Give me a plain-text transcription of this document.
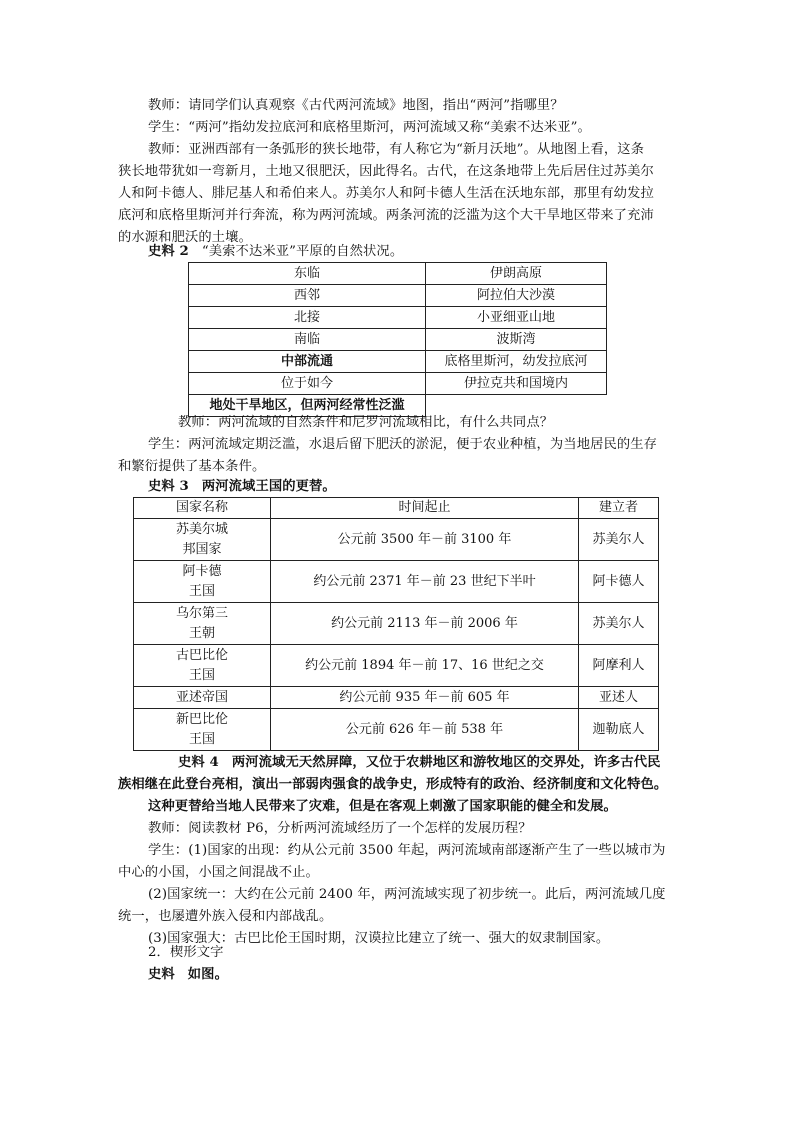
教师：请同学们认真观察《古代两河流域》地图，指出“两河”指哪里？
学生：“两河”指幼发拉底河和底格里斯河，两河流域又称“美索不达米亚”。
教师：亚洲西部有一条弧形的狭长地带，有人称它为“新月沃地”。从地图上看，这条
狭长地带犹如一弯新月，土地又很肥沃，因此得名。古代，在这条地带上先后居住过苏美尔
人和阿卡德人、腓尼基人和希伯来人。苏美尔人和阿卡德人生活在沃地东部，那里有幼发拉
底河和底格里斯河并行奔流，称为两河流域。两条河流的泛滥为这个大干旱地区带来了充沛
的水源和肥沃的土壤。
史料 2 “美索不达米亚”平原的自然状况。
东临	伊朗高原
西邻	阿拉伯大沙漠
北接	小亚细亚山地
南临	波斯湾
中部流通	底格里斯河，幼发拉底河
位于如今	伊拉克共和国境内
地处干旱地区，但两河经常性泛滥	
教师：两河流域的自然条件和尼罗河流域相比，有什么共同点？
学生：两河流域定期泛滥，水退后留下肥沃的淤泥，便于农业种植，为当地居民的生存
和繁衍提供了基本条件。
史料 3 两河流域王国的更替。
国家名称	时间起止	建立者
苏美尔城
邦国家	公元前 3500 年－前 3100 年	苏美尔人
阿卡德
王国	约公元前 2371 年－前 23 世纪下半叶	阿卡德人
乌尔第三
王朝	约公元前 2113 年－前 2006 年	苏美尔人
古巴比伦
王国	约公元前 1894 年－前 17、16 世纪之交	阿摩利人
亚述帝国	约公元前 935 年－前 605 年	亚述人
新巴比伦
王国	公元前 626 年－前 538 年	迦勒底人
史料 4 两河流域无天然屏障，又位于农耕地区和游牧地区的交界处，许多古代民
族相继在此登台亮相，演出一部弱肉强食的战争史，形成特有的政治、经济制度和文化特色。
这种更替给当地人民带来了灾难，但是在客观上刺激了国家职能的健全和发展。
教师：阅读教材 P6，分析两河流域经历了一个怎样的发展历程？
学生：(1)国家的出现：约从公元前 3500 年起，两河流域南部逐渐产生了一些以城市为
中心的小国，小国之间混战不止。
(2)国家统一：大约在公元前 2400 年，两河流域实现了初步统一。此后，两河流域几度
统一，也屡遭外族入侵和内部战乱。
(3)国家强大：古巴比伦王国时期，汉谟拉比建立了统一、强大的奴隶制国家。
2．楔形文字
史料 如图。
